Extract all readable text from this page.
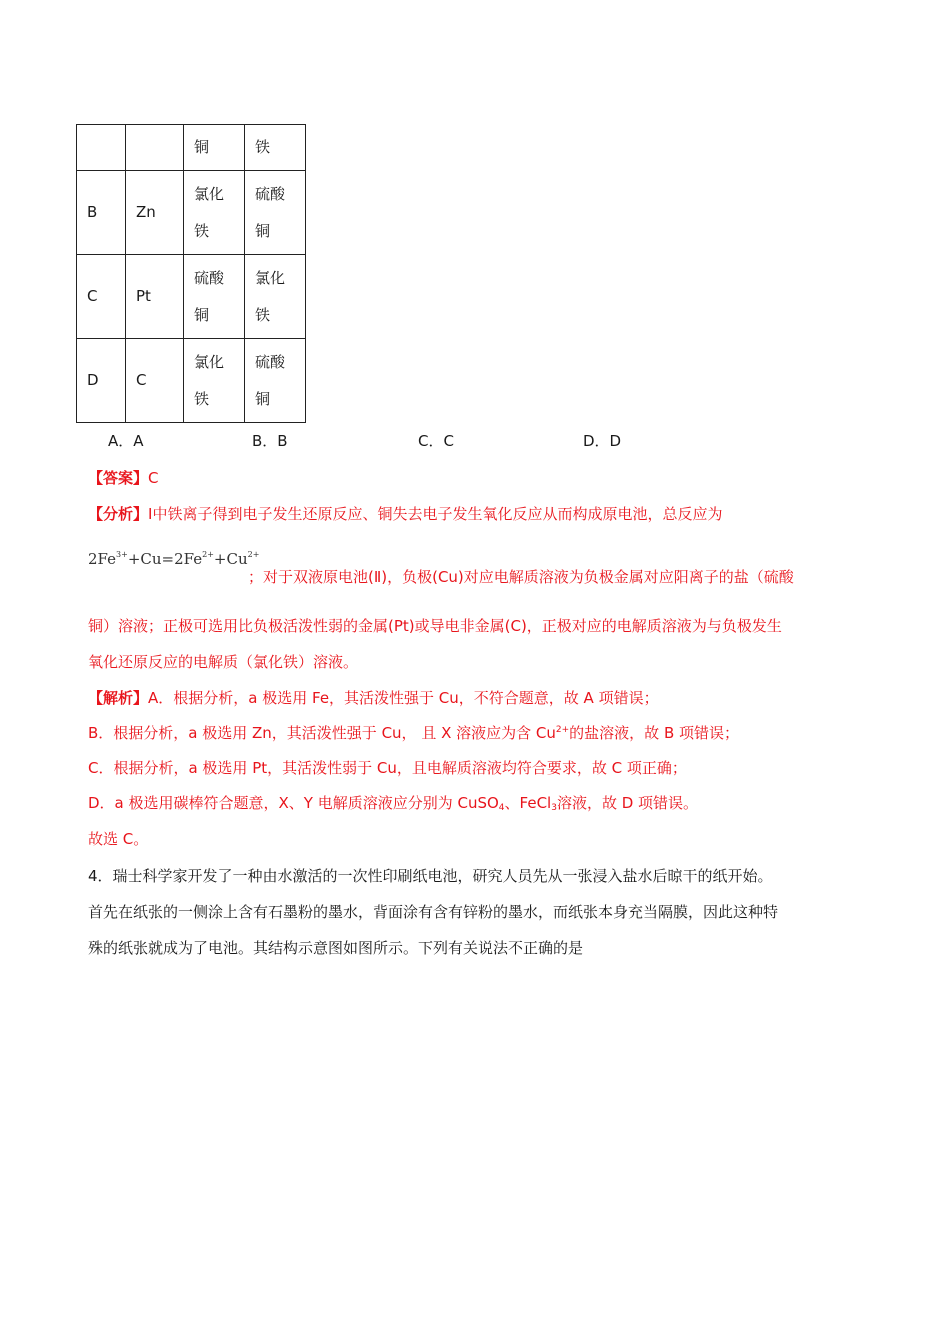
		铜	铁
B	Zn	氯化铁	硫酸铜

C	Pt	硫酸铜	氯化铁

D	C	氯化铁	硫酸铜
A．A	B．B	C．C	D．D
【答案】C
【分析】Ⅰ中铁离子得到电子发生还原反应、铜失去电子发生氧化反应从而构成原电池，总反应为
$2Fe^{3+}+Cu=2Fe^{2+}+Cu^{2+}$
；对于双液原电池(Ⅱ)，负极(Cu)对应电解质溶液为负极金属对应阳离子的盐（硫酸
铜）溶液；正极可选用比负极活泼性弱的金属(Pt)或导电非金属(C)，正极对应的电解质溶液为与负极发生
氧化还原反应的电解质（氯化铁）溶液。
【解析】A．根据分析，a 极选用 Fe，其活泼性强于 Cu，不符合题意，故 A 项错误；
B．根据分析，a 极选用 Zn，其活泼性强于 Cu， 且 X 溶液应为含 $Cu^{2+}$的盐溶液，故 B 项错误；
C．根据分析，a 极选用 Pt，其活泼性弱于 Cu，且电解质溶液均符合要求，故 C 项正确；
D．a 极选用碳棒符合题意，X、Y 电解质溶液应分别为 CuSO$_4$、FeCl$_3$溶液，故 D 项错误。
故选 C。
4．瑞士科学家开发了一种由水激活的一次性印刷纸电池，研究人员先从一张浸入盐水后晾干的纸开始。
首先在纸张的一侧涂上含有石墨粉的墨水，背面涂有含有锌粉的墨水，而纸张本身充当隔膜，因此这种特
殊的纸张就成为了电池。其结构示意图如图所示。下列有关说法不正确的是
